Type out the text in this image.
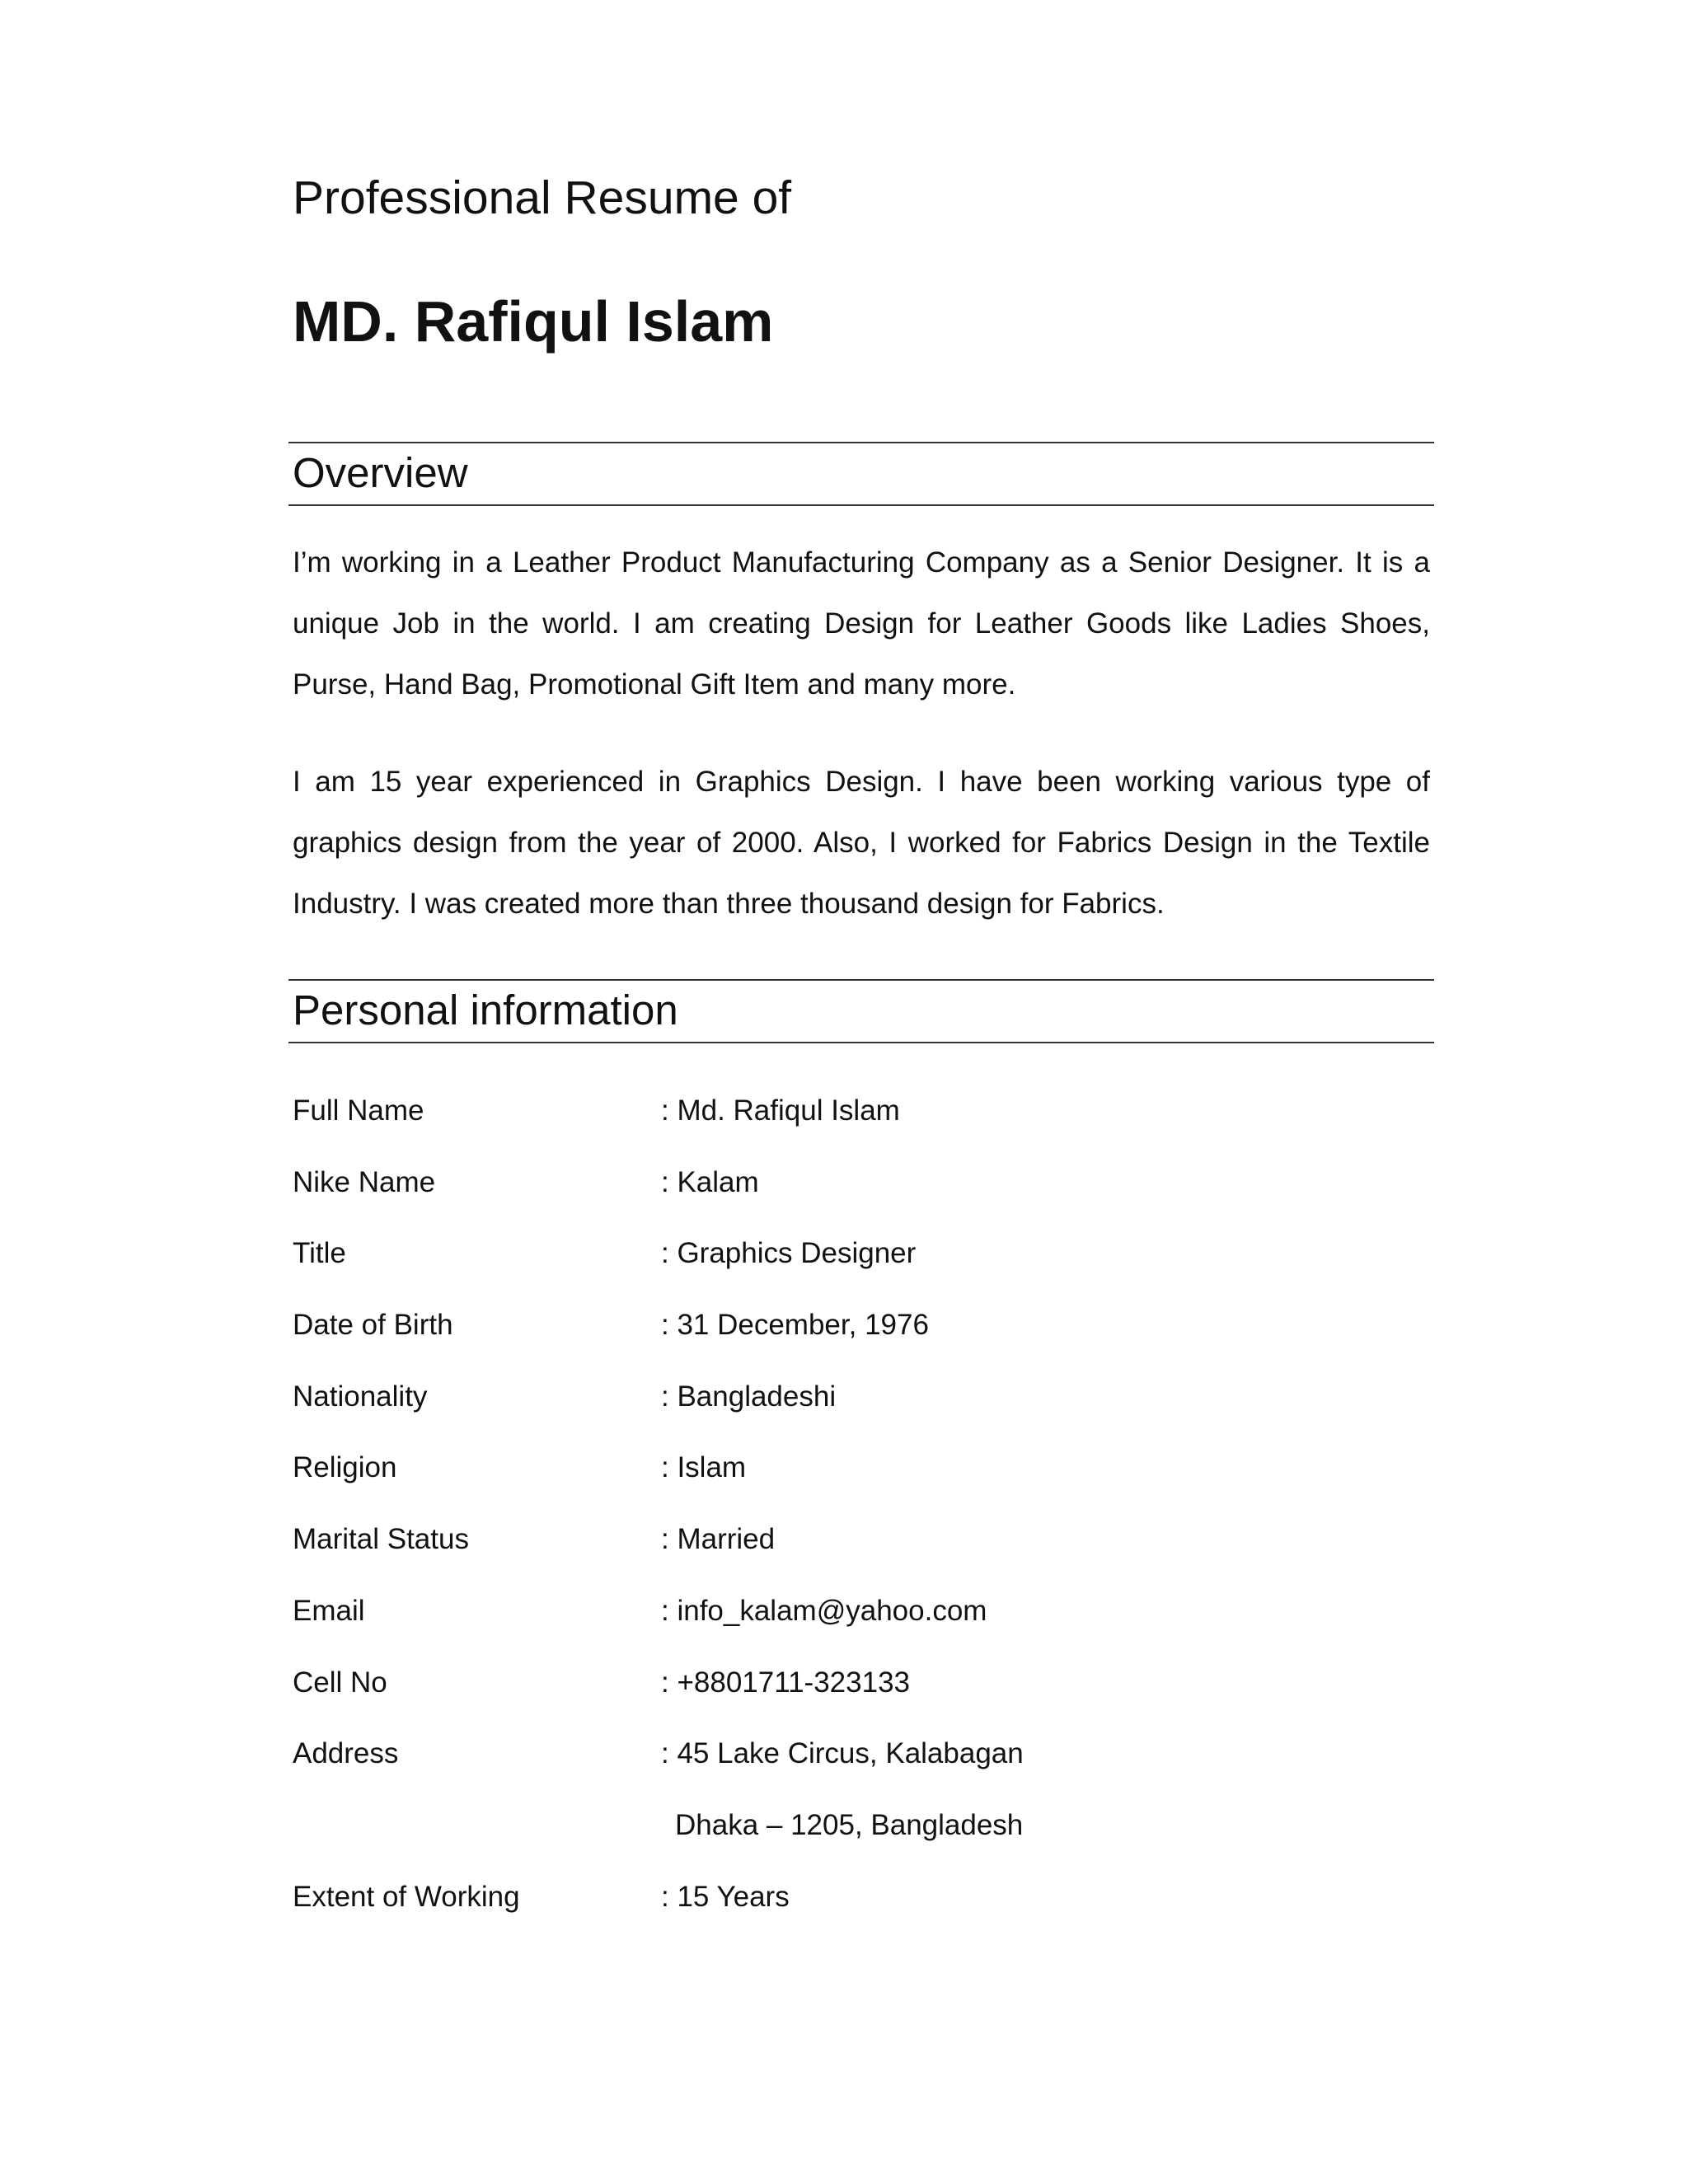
Professional Resume of
MD. Rafiqul Islam
Overview

I’m working in a Leather Product Manufacturing Company as a Senior Designer. It is a unique Job in the world. I am creating Design for Leather Goods like Ladies Shoes, Purse, Hand Bag, Promotional Gift Item and many more.

I am 15 year experienced in Graphics Design. I have been working various type of graphics design from the year of 2000. Also, I worked for Fabrics Design in the Textile Industry. I was created more than three thousand design for Fabrics.

Personal information
Full Name	: Md. Rafiqul Islam
Nike Name	: Kalam
Title	: Graphics Designer
Date of Birth	: 31 December, 1976
Nationality	: Bangladeshi
Religion	: Islam
Marital Status	: Married
Email	: info_kalam@yahoo.com
Cell No	: +8801711-323133
Address	: 45 Lake Circus, Kalabagan
Dhaka – 1205, Bangladesh
Extent of Working	: 15 Years
